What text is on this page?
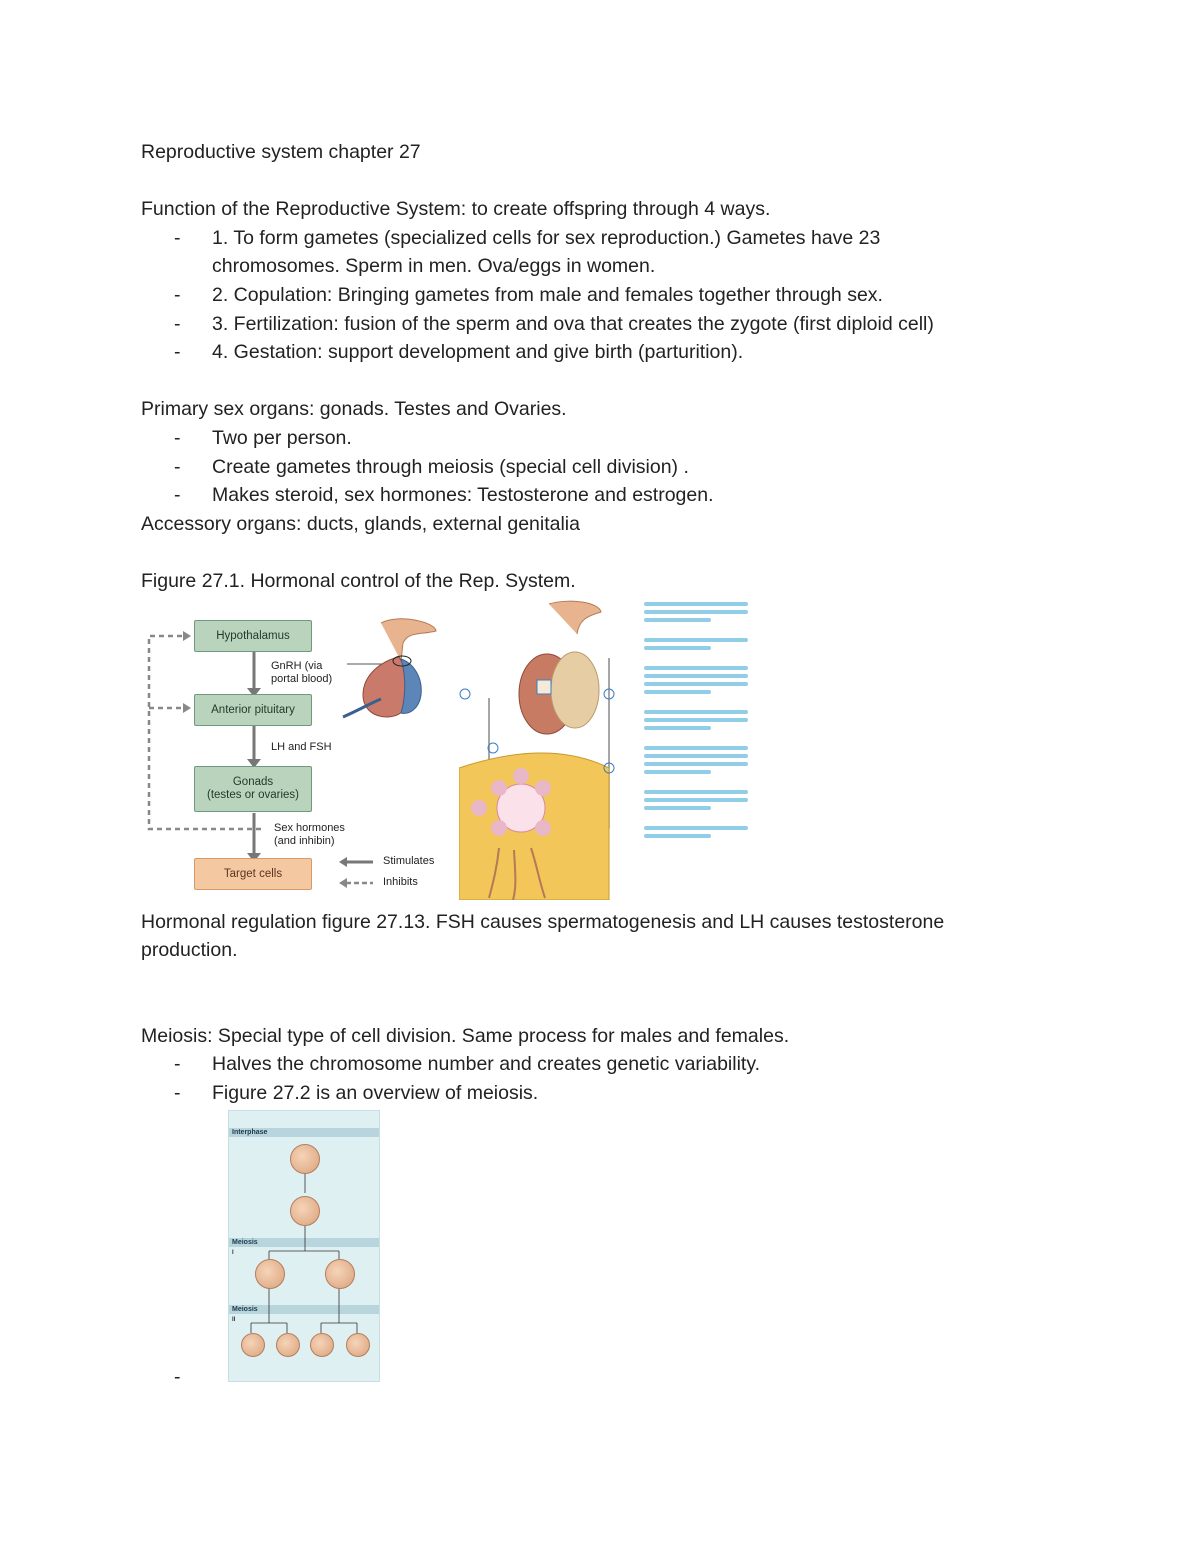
Reproductive system chapter 27

Function of the Reproductive System: to create offspring through 4 ways.

- 1. To form gametes (specialized cells for sex reproduction.) Gametes have 23 chromosomes. Sperm in men. Ova/eggs in women.
- 2. Copulation: Bringing gametes from male and females together through sex.
- 3. Fertilization: fusion of the sperm and ova that creates the zygote (first diploid cell)
- 4. Gestation: support development and give birth (parturition).

Primary sex organs: gonads. Testes and Ovaries.

- Two per person.
- Create gametes through meiosis (special cell division) .
- Makes steroid, sex hormones: Testosterone and estrogen.

Accessory organs: ducts, glands, external genitalia

Figure 27.1. Hormonal control of the Rep. System.

Hormonal regulation figure 27.13. FSH causes spermatogenesis and LH causes testosterone production.

Meiosis: Special type of cell division. Same process for males and females.

- Halves the chromosome number and creates genetic variability.
- Figure 27.2 is an overview of meiosis.
Hypothalamus
Anterior pituitary
Gonads
(testes or ovaries)
Target cells
GnRH (via
portal blood)
LH and FSH
Sex hormones
(and inhibin)
Stimulates
Inhibits
Interphase
Meiosis
I
Meiosis
II
-
